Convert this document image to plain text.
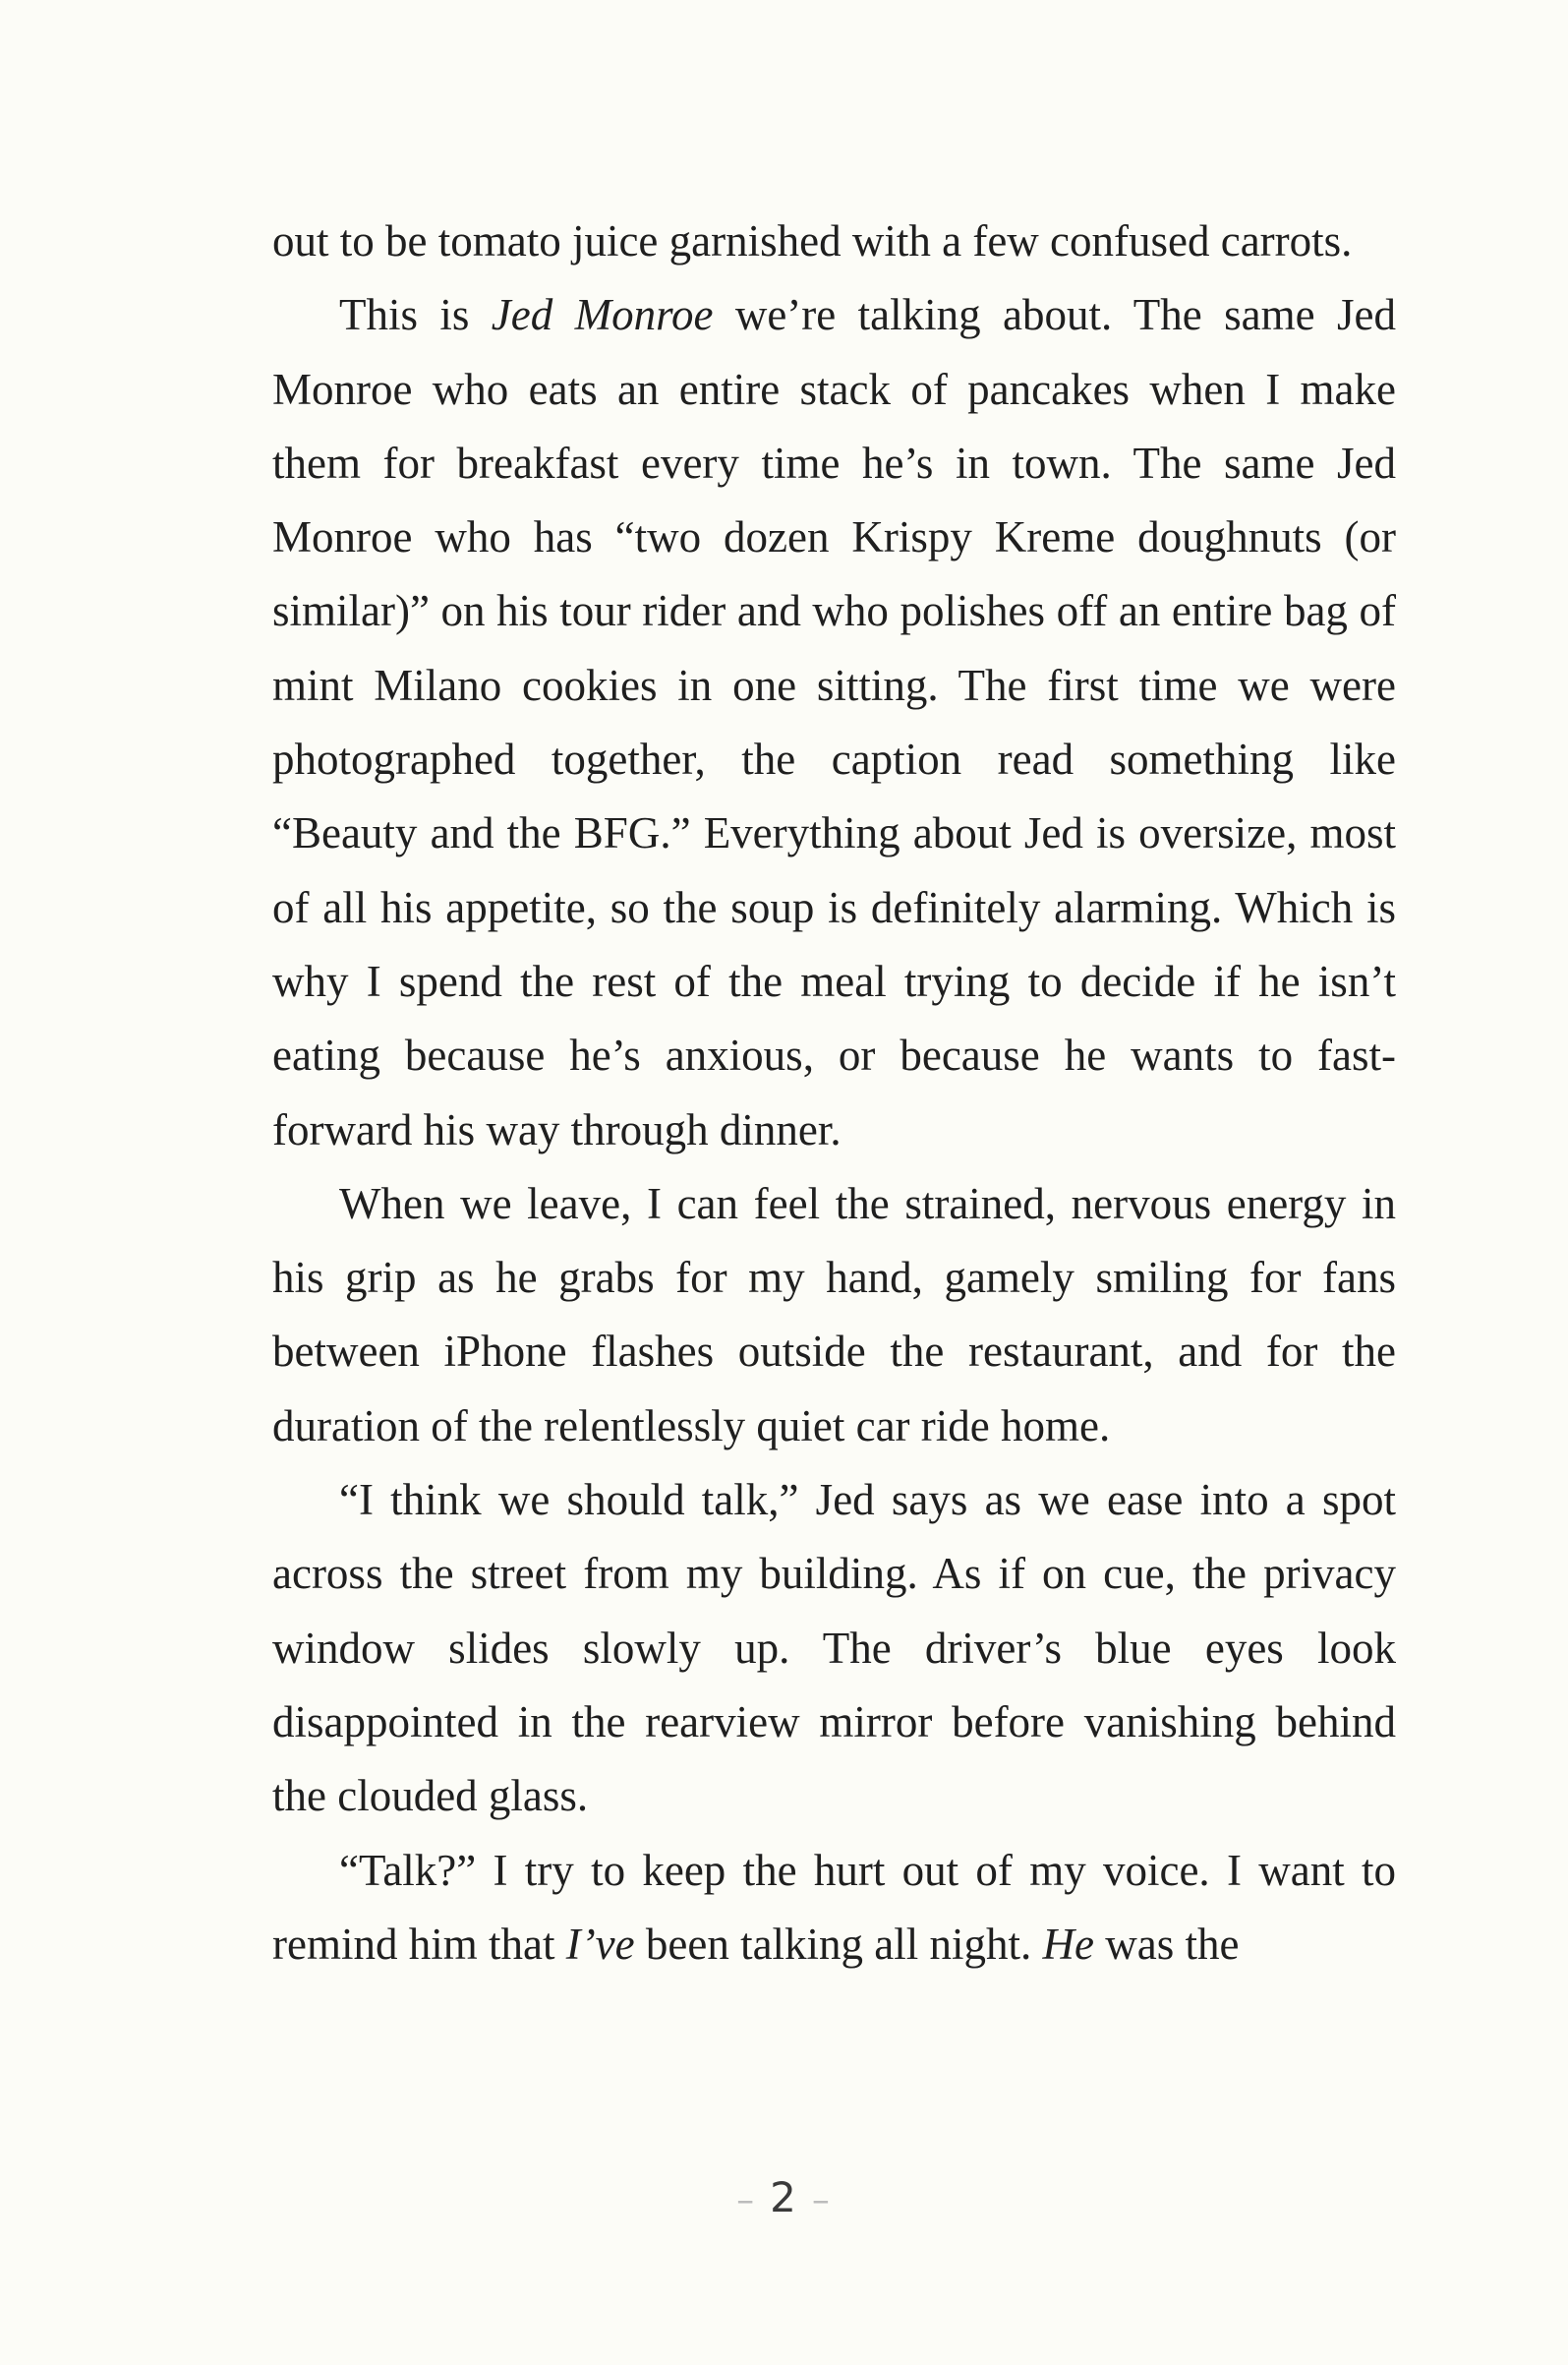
out to be tomato juice garnished with a few confused carrots.

This is Jed Monroe we’re talking about. The same Jed Monroe who eats an entire stack of pancakes when I make them for breakfast every time he’s in town. The same Jed Monroe who has “two dozen Krispy Kreme doughnuts (or similar)” on his tour rider and who polishes off an entire bag of mint Milano cookies in one sitting. The first time we were photographed together, the caption read something like “Beauty and the BFG.” Everything about Jed is oversize, most of all his appetite, so the soup is definitely alarming. Which is why I spend the rest of the meal trying to decide if he isn’t eating because he’s anxious, or because he wants to fast-forward his way through dinner.

When we leave, I can feel the strained, nervous energy in his grip as he grabs for my hand, gamely smiling for fans between iPhone flashes outside the restaurant, and for the duration of the relentlessly quiet car ride home.

“I think we should talk,” Jed says as we ease into a spot across the street from my building. As if on cue, the privacy window slides slowly up. The driver’s blue eyes look disappointed in the rearview mirror before vanishing behind the clouded glass.

“Talk?” I try to keep the hurt out of my voice. I want to remind him that I’ve been talking all night. He was the

– 2 –
